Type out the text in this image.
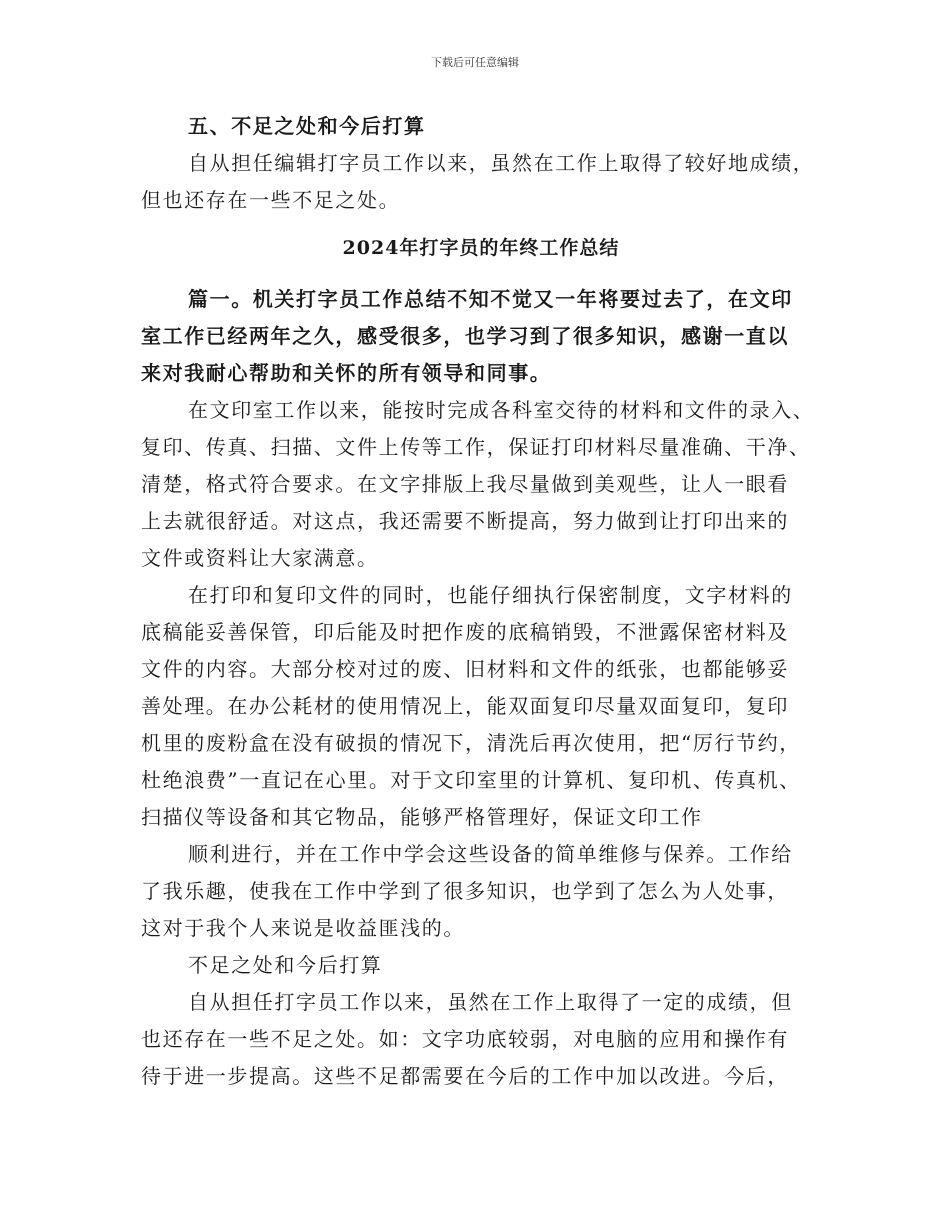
下载后可任意编辑
五、不足之处和今后打算
自从担任编辑打字员工作以来，虽然在工作上取得了较好地成绩，
但也还存在一些不足之处。
2024年打字员的年终工作总结
篇一。机关打字员工作总结不知不觉又一年将要过去了，在文印
室工作已经两年之久，感受很多，也学习到了很多知识，感谢一直以
来对我耐心帮助和关怀的所有领导和同事。
在文印室工作以来，能按时完成各科室交待的材料和文件的录入、
复印、传真、扫描、文件上传等工作，保证打印材料尽量准确、干净、
清楚，格式符合要求。在文字排版上我尽量做到美观些，让人一眼看
上去就很舒适。对这点，我还需要不断提高，努力做到让打印出来的
文件或资料让大家满意。
在打印和复印文件的同时，也能仔细执行保密制度，文字材料的
底稿能妥善保管，印后能及时把作废的底稿销毁，不泄露保密材料及
文件的内容。大部分校对过的废、旧材料和文件的纸张，也都能够妥
善处理。在办公耗材的使用情况上，能双面复印尽量双面复印，复印
机里的废粉盒在没有破损的情况下，清洗后再次使用，把“厉行节约，
杜绝浪费”一直记在心里。对于文印室里的计算机、复印机、传真机、
扫描仪等设备和其它物品，能够严格管理好，保证文印工作
顺利进行，并在工作中学会这些设备的简单维修与保养。工作给
了我乐趣，使我在工作中学到了很多知识，也学到了怎么为人处事，
这对于我个人来说是收益匪浅的。
不足之处和今后打算
自从担任打字员工作以来，虽然在工作上取得了一定的成绩，但
也还存在一些不足之处。如：文字功底较弱，对电脑的应用和操作有
待于进一步提高。这些不足都需要在今后的工作中加以改进。今后，
